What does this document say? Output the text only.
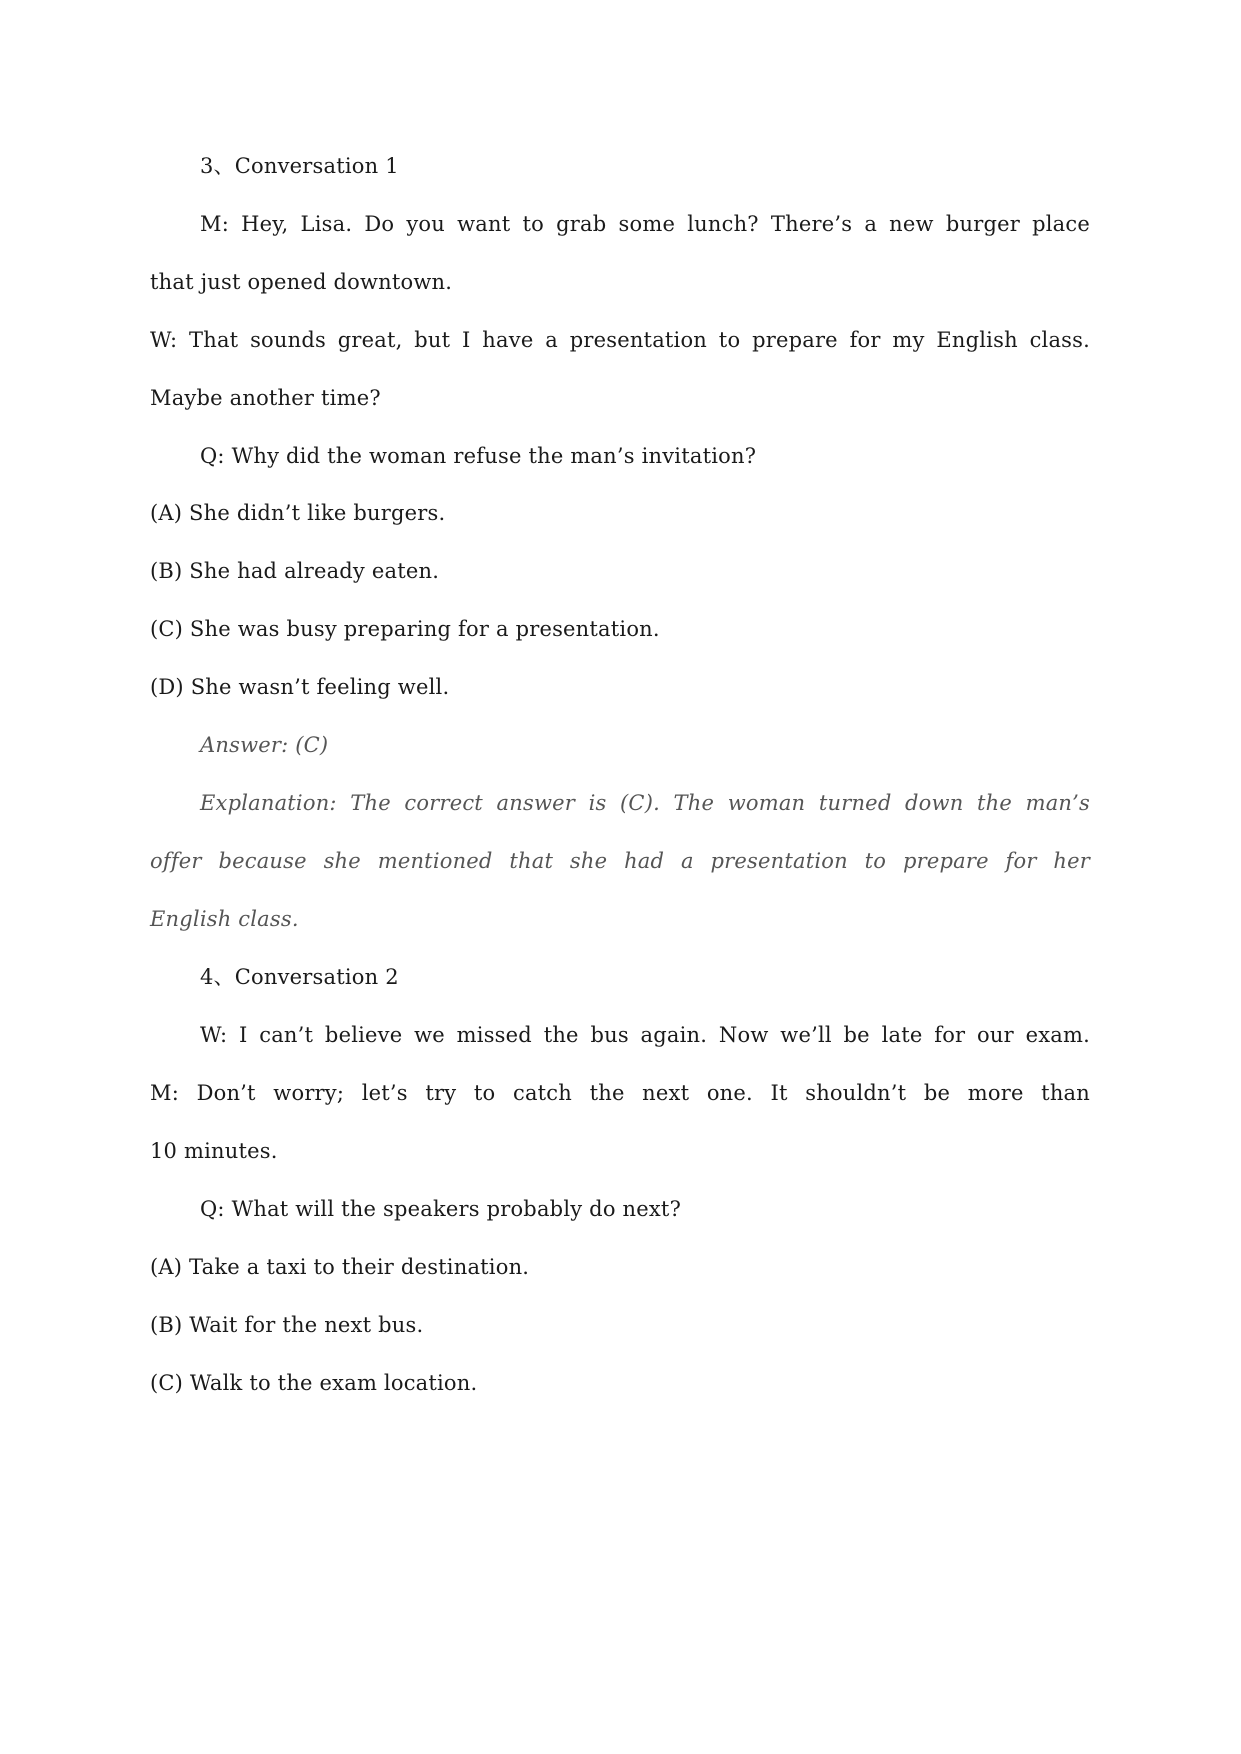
3、Conversation 1
M: Hey, Lisa. Do you want to grab some lunch? There’s a new burger place
that just opened downtown.
W: That sounds great, but I have a presentation to prepare for my English class.
Maybe another time?
Q: Why did the woman refuse the man’s invitation?
(A) She didn’t like burgers.
(B) She had already eaten.
(C) She was busy preparing for a presentation.
(D) She wasn’t feeling well.
Answer: (C)
Explanation: The correct answer is (C). The woman turned down the man’s
offer because she mentioned that she had a presentation to prepare for her
English class.
4、Conversation 2
W: I can’t believe we missed the bus again. Now we’ll be late for our exam.
M: Don’t worry; let’s try to catch the next one. It shouldn’t be more than
10 minutes.
Q: What will the speakers probably do next?
(A) Take a taxi to their destination.
(B) Wait for the next bus.
(C) Walk to the exam location.
